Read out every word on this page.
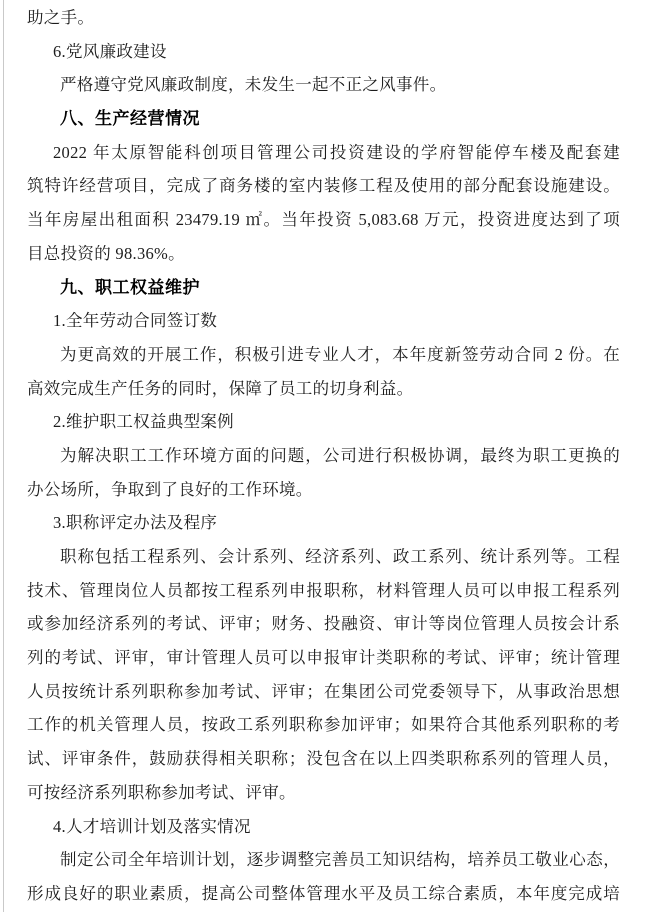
助之手。
6.党风廉政建设
严格遵守党风廉政制度，未发生一起不正之风事件。
八、生产经营情况
2022 年太原智能科创项目管理公司投资建设的学府智能停车楼及配套建
筑特许经营项目，完成了商务楼的室内装修工程及使用的部分配套设施建设。
当年房屋出租面积 23479.19 ㎡。当年投资 5,083.68 万元，投资进度达到了项
目总投资的 98.36%。
九、职工权益维护
1.全年劳动合同签订数
为更高效的开展工作，积极引进专业人才，本年度新签劳动合同 2 份。在
高效完成生产任务的同时，保障了员工的切身利益。
2.维护职工权益典型案例
为解决职工工作环境方面的问题，公司进行积极协调，最终为职工更换的
办公场所，争取到了良好的工作环境。
3.职称评定办法及程序
职称包括工程系列、会计系列、经济系列、政工系列、统计系列等。工程
技术、管理岗位人员都按工程系列申报职称，材料管理人员可以申报工程系列
或参加经济系列的考试、评审；财务、投融资、审计等岗位管理人员按会计系
列的考试、评审，审计管理人员可以申报审计类职称的考试、评审；统计管理
人员按统计系列职称参加考试、评审；在集团公司党委领导下，从事政治思想
工作的机关管理人员，按政工系列职称参加评审；如果符合其他系列职称的考
试、评审条件，鼓励获得相关职称；没包含在以上四类职称系列的管理人员，
可按经济系列职称参加考试、评审。
4.人才培训计划及落实情况
制定公司全年培训计划，逐步调整完善员工知识结构，培养员工敬业心态，
形成良好的职业素质，提高公司整体管理水平及员工综合素质，本年度完成培
